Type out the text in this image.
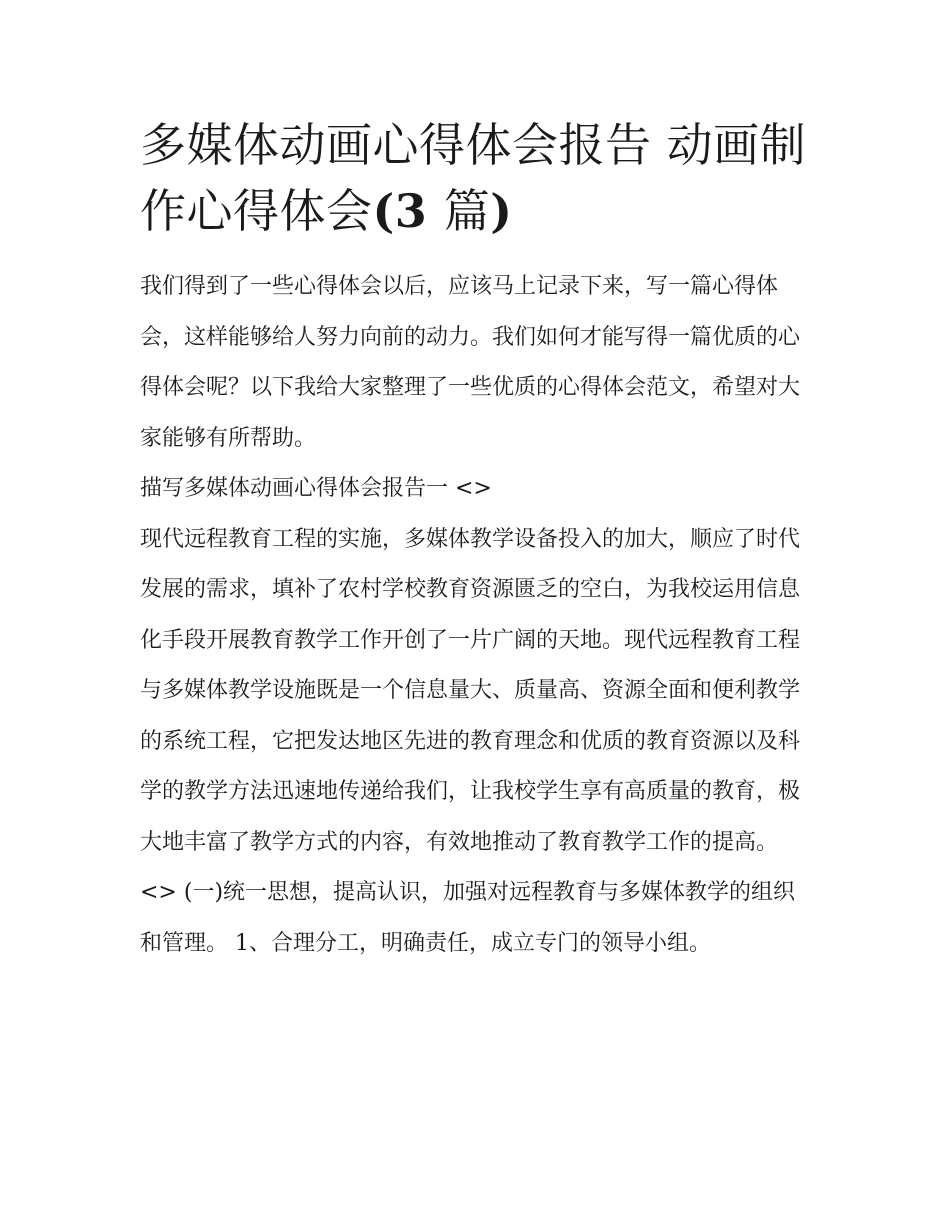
多媒体动画心得体会报告 动画制作心得体会(3 篇)

我们得到了一些心得体会以后，应该马上记录下来，写一篇心得体会，这样能够给人努力向前的动力。我们如何才能写得一篇优质的心得体会呢？以下我给大家整理了一些优质的心得体会范文，希望对大家能够有所帮助。

描写多媒体动画心得体会报告一 <>

现代远程教育工程的实施，多媒体教学设备投入的加大，顺应了时代发展的需求，填补了农村学校教育资源匮乏的空白，为我校运用信息化手段开展教育教学工作开创了一片广阔的天地。现代远程教育工程与多媒体教学设施既是一个信息量大、质量高、资源全面和便利教学的系统工程，它把发达地区先进的教育理念和优质的教育资源以及科学的教学方法迅速地传递给我们，让我校学生享有高质量的教育，极大地丰富了教学方式的内容，有效地推动了教育教学工作的提高。

<> (一)统一思想，提高认识，加强对远程教育与多媒体教学的组织和管理。 1、合理分工，明确责任，成立专门的领导小组。
